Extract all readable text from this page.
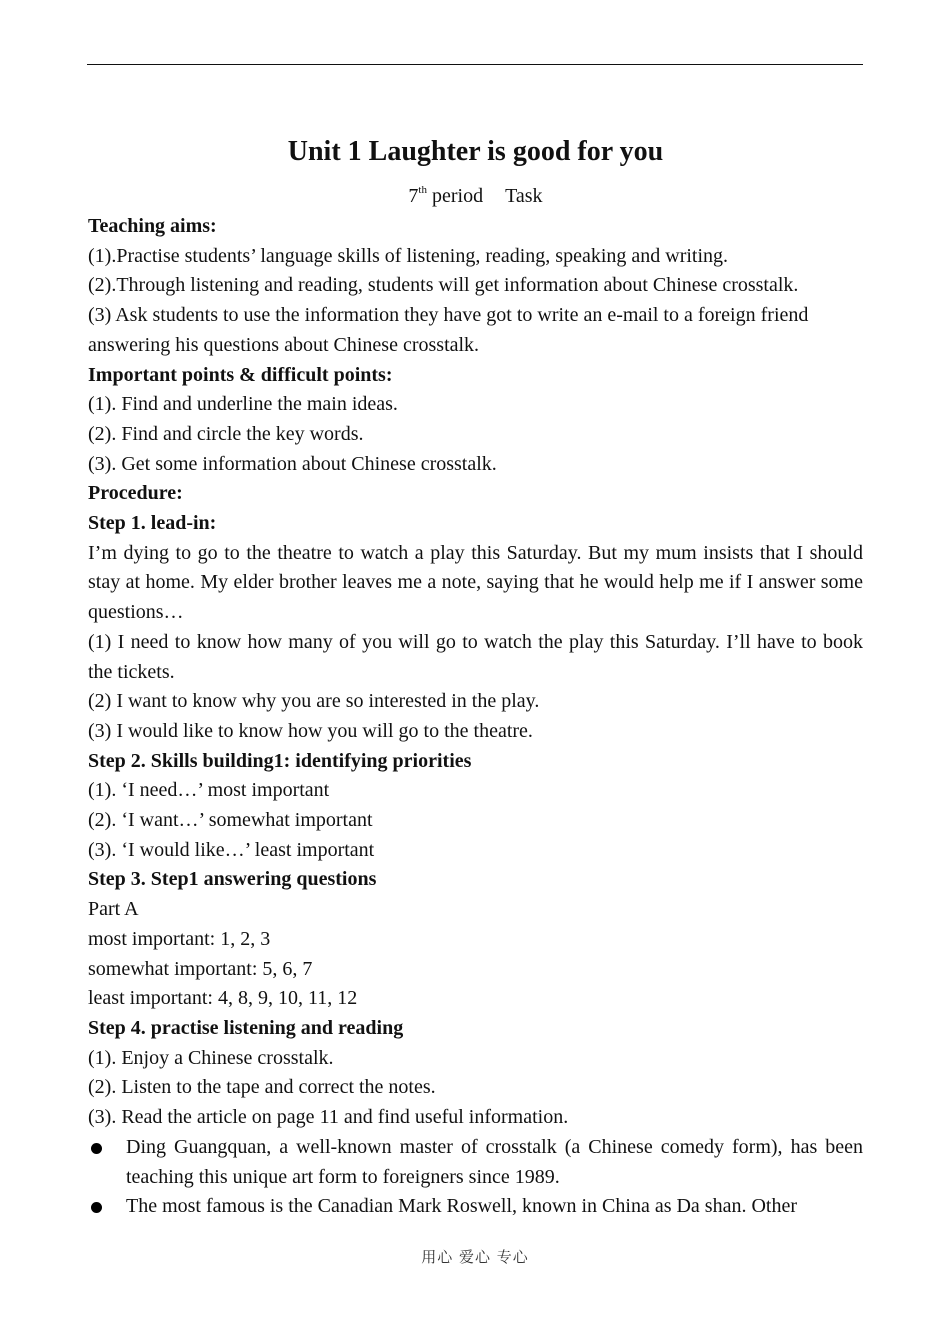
Unit 1 Laughter is good for you

7th period Task

Teaching aims:

(1).Practise students’ language skills of listening, reading, speaking and writing.

(2).Through listening and reading, students will get information about Chinese crosstalk.

(3) Ask students to use the information they have got to write an e-mail to a foreign friend answering his questions about Chinese crosstalk.

Important points & difficult points:

(1). Find and underline the main ideas.

(2). Find and circle the key words.

(3). Get some information about Chinese crosstalk.

Procedure:

Step 1. lead-in:

I’m dying to go to the theatre to watch a play this Saturday. But my mum insists that I should stay at home. My elder brother leaves me a note, saying that he would help me if I answer some questions…

(1) I need to know how many of you will go to watch the play this Saturday. I’ll have to book the tickets.

(2) I want to know why you are so interested in the play.

(3) I would like to know how you will go to the theatre.

Step 2. Skills building1: identifying priorities

(1). ‘I need…’ most important

(2). ‘I want…’ somewhat important

(3). ‘I would like…’ least important

Step 3. Step1 answering questions

Part A

most important: 1, 2, 3

somewhat important: 5, 6, 7

least important: 4, 8, 9, 10, 11, 12

Step 4. practise listening and reading

(1). Enjoy a Chinese crosstalk.

(2). Listen to the tape and correct the notes.

(3). Read the article on page 11 and find useful information.

Ding Guangquan, a well-known master of crosstalk (a Chinese comedy form), has been teaching this unique art form to foreigners since 1989.
The most famous is the Canadian Mark Roswell, known in China as Da shan. Other
用心 爱心 专心
